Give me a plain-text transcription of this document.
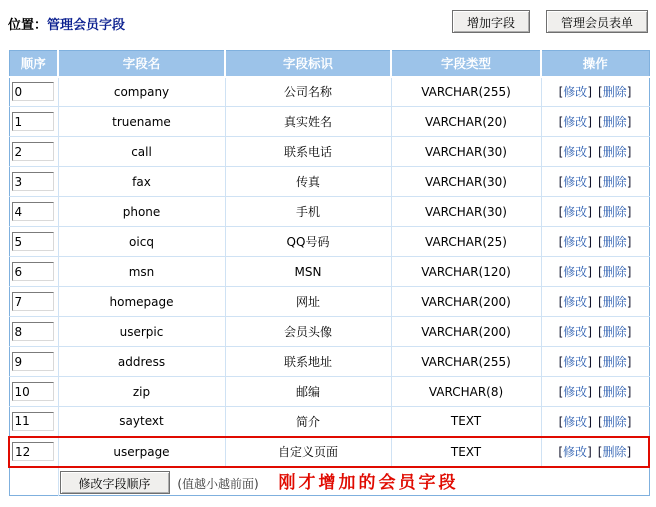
位置：管理会员字段	增加字段	管理会员表单
顺序	字段名	字段标识	字段类型	操作
0	company	公司名称	VARCHAR(255)	[修改] [删除]
1	truename	真实姓名	VARCHAR(20)	[修改] [删除]
2	call	联系电话	VARCHAR(30)	[修改] [删除]
3	fax	传真	VARCHAR(30)	[修改] [删除]
4	phone	手机	VARCHAR(30)	[修改] [删除]
5	oicq	QQ号码	VARCHAR(25)	[修改] [删除]
6	msn	MSN	VARCHAR(120)	[修改] [删除]
7	homepage	网址	VARCHAR(200)	[修改] [删除]
8	userpic	会员头像	VARCHAR(200)	[修改] [删除]
9	address	联系地址	VARCHAR(255)	[修改] [删除]
10	zip	邮编	VARCHAR(8)	[修改] [删除]
11	saytext	简介	TEXT	[修改] [删除]
12	userpage	自定义页面	TEXT	[修改] [删除]
	修改字段顺序 (值越小越前面) 刚才增加的会员字段			
